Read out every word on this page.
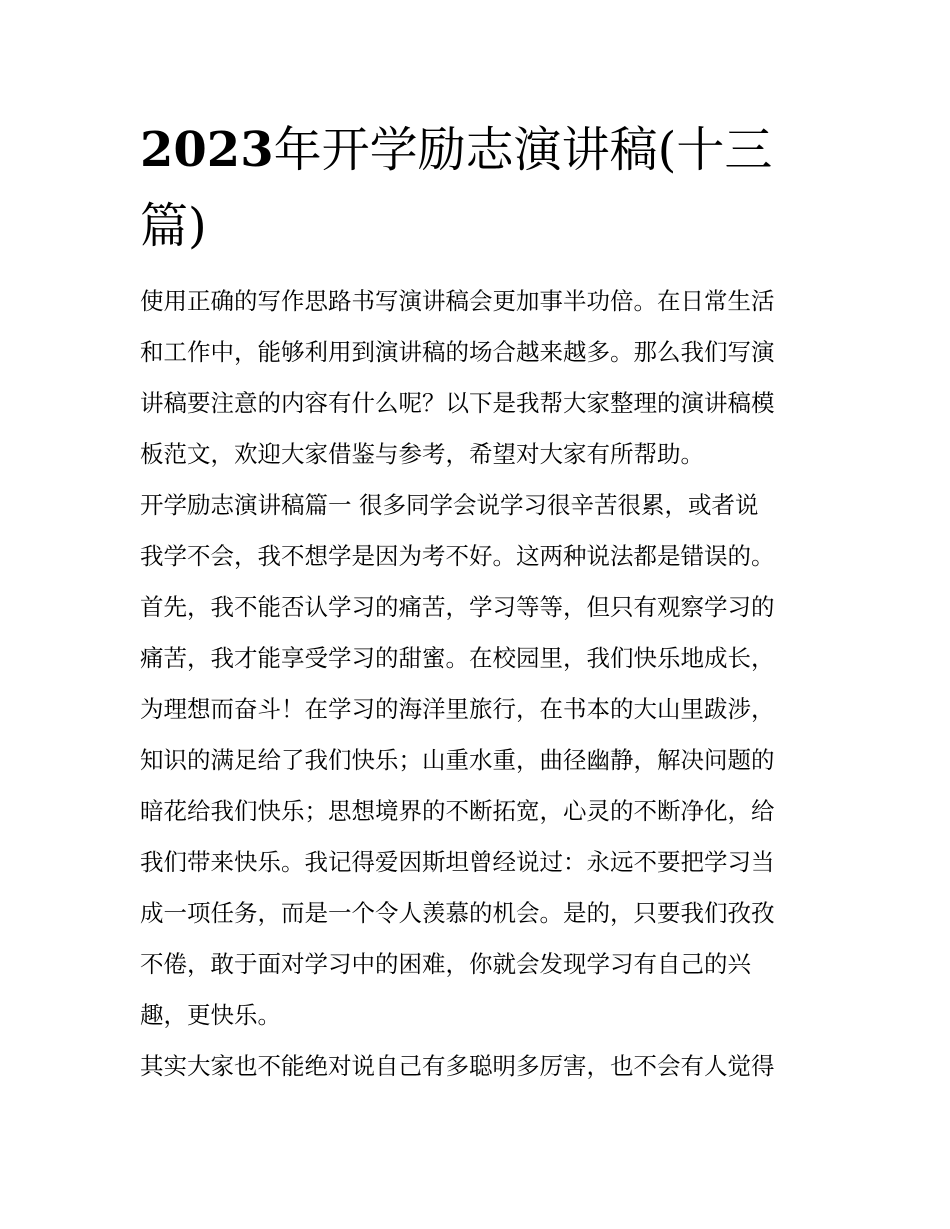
2023年开学励志演讲稿(十三
篇)
使用正确的写作思路书写演讲稿会更加事半功倍。在日常生活
和工作中，能够利用到演讲稿的场合越来越多。那么我们写演
讲稿要注意的内容有什么呢？以下是我帮大家整理的演讲稿模
板范文，欢迎大家借鉴与参考，希望对大家有所帮助。
开学励志演讲稿篇一 很多同学会说学习很辛苦很累，或者说
我学不会，我不想学是因为考不好。这两种说法都是错误的。
首先，我不能否认学习的痛苦，学习等等，但只有观察学习的
痛苦，我才能享受学习的甜蜜。在校园里，我们快乐地成长，
为理想而奋斗！在学习的海洋里旅行，在书本的大山里跋涉，
知识的满足给了我们快乐；山重水重，曲径幽静，解决问题的
暗花给我们快乐；思想境界的不断拓宽，心灵的不断净化，给
我们带来快乐。我记得爱因斯坦曾经说过：永远不要把学习当
成一项任务，而是一个令人羡慕的机会。是的，只要我们孜孜
不倦，敢于面对学习中的困难，你就会发现学习有自己的兴
趣，更快乐。
其实大家也不能绝对说自己有多聪明多厉害，也不会有人觉得
